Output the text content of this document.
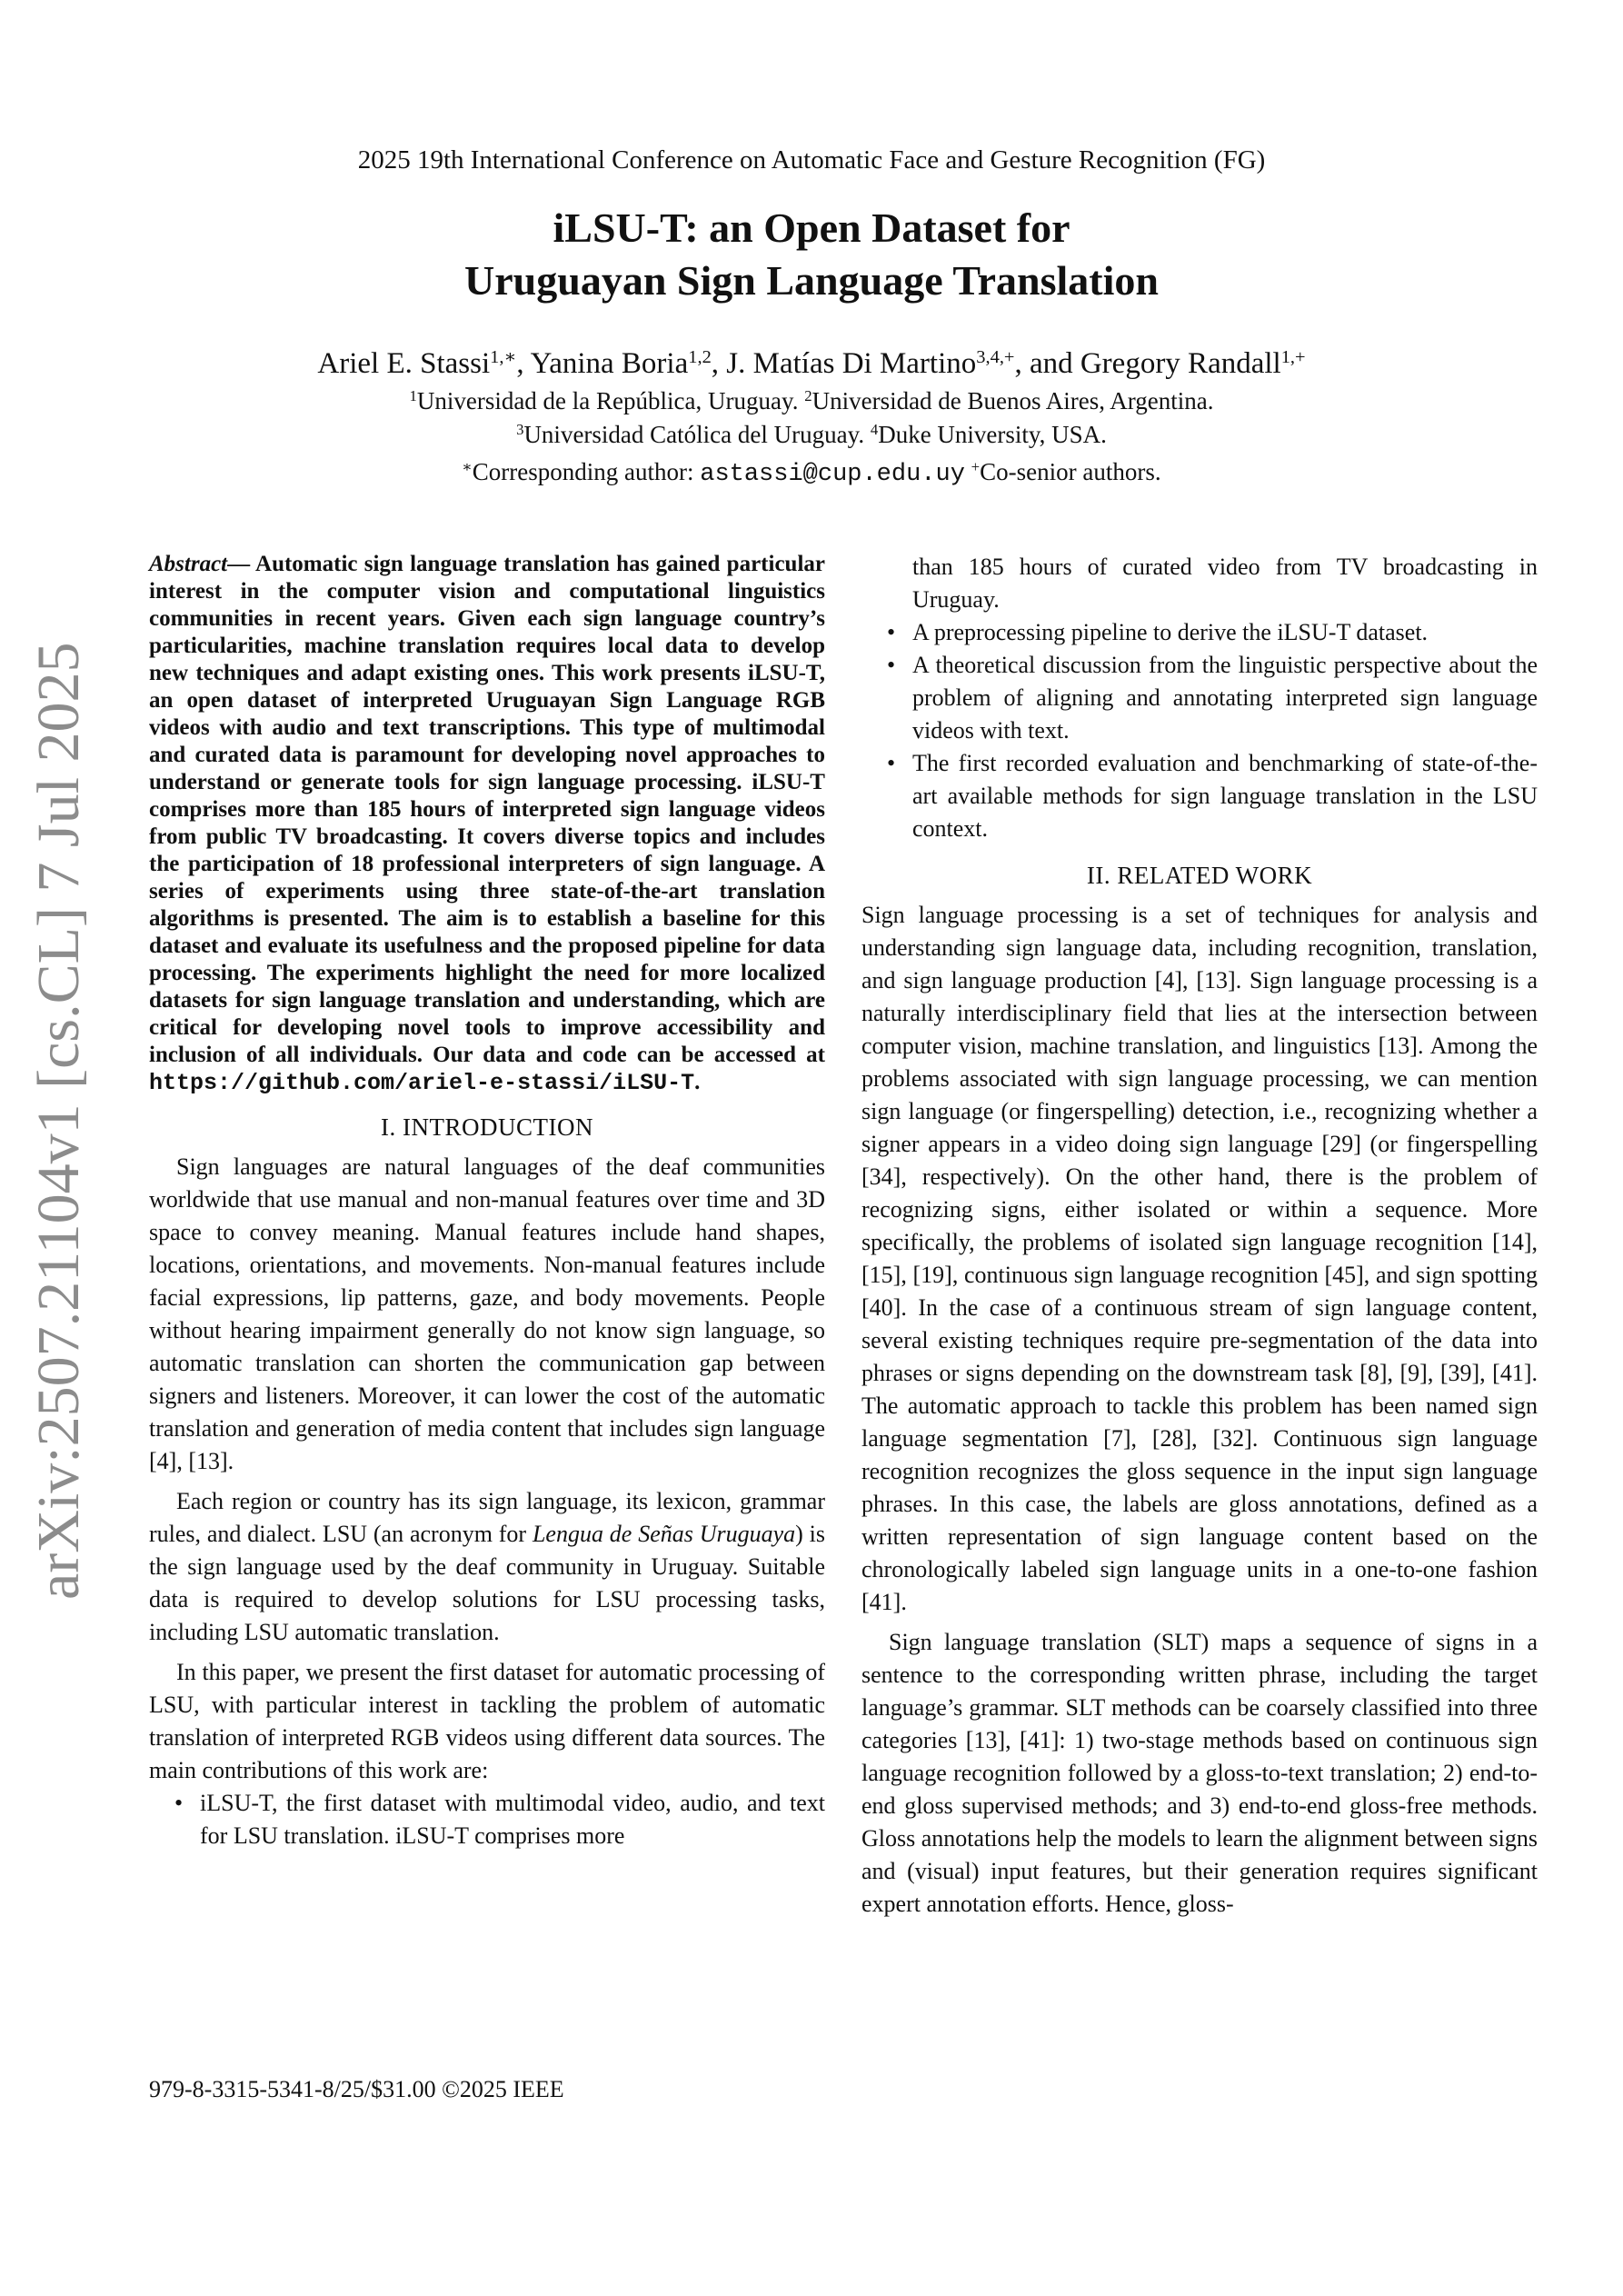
2025 19th International Conference on Automatic Face and Gesture Recognition (FG)
iLSU-T: an Open Dataset for
Uruguayan Sign Language Translation
Ariel E. Stassi$^{1,∗}$, Yanina Boria$^{1,2}$, J. Matías Di Martino$^{3,4,+}$, and Gregory Randall$^{1,+}$
$^1$Universidad de la República, Uruguay. $^2$Universidad de Buenos Aires, Argentina.
$^3$Universidad Católica del Uruguay. $^4$Duke University, USA.
∗Corresponding author: astassi@cup.edu.uy +Co-senior authors.
arXiv:2507.21104v1 [cs.CL] 7 Jul 2025

Abstract— Automatic sign language translation has gained particular interest in the computer vision and computational linguistics communities in recent years. Given each sign language country’s particularities, machine translation requires local data to develop new techniques and adapt existing ones. This work presents iLSU-T, an open dataset of interpreted Uruguayan Sign Language RGB videos with audio and text transcriptions. This type of multimodal and curated data is paramount for developing novel approaches to understand or generate tools for sign language processing. iLSU-T comprises more than 185 hours of interpreted sign language videos from public TV broadcasting. It covers diverse topics and includes the participation of 18 professional interpreters of sign language. A series of experiments using three state-of-the-art translation algorithms is presented. The aim is to establish a baseline for this dataset and evaluate its usefulness and the proposed pipeline for data processing. The experiments highlight the need for more localized datasets for sign language translation and understanding, which are critical for developing novel tools to improve accessibility and inclusion of all individuals. Our data and code can be accessed at https://github.com/ariel-e-stassi/iLSU-T.

I. INTRODUCTION

Sign languages are natural languages of the deaf communities worldwide that use manual and non-manual features over time and 3D space to convey meaning. Manual features include hand shapes, locations, orientations, and movements. Non-manual features include facial expressions, lip patterns, gaze, and body movements. People without hearing impairment generally do not know sign language, so automatic translation can shorten the communication gap between signers and listeners. Moreover, it can lower the cost of the automatic translation and generation of media content that includes sign language [4], [13].

Each region or country has its sign language, its lexicon, grammar rules, and dialect. LSU (an acronym for Lengua de Señas Uruguaya) is the sign language used by the deaf community in Uruguay. Suitable data is required to develop solutions for LSU processing tasks, including LSU automatic translation.

In this paper, we present the first dataset for automatic processing of LSU, with particular interest in tackling the problem of automatic translation of interpreted RGB videos using different data sources. The main contributions of this work are:

• iLSU-T, the first dataset with multimodal video, audio, and text for LSU translation. iLSU-T comprises more
than 185 hours of curated video from TV broadcasting in Uruguay.
• A preprocessing pipeline to derive the iLSU-T dataset.
• A theoretical discussion from the linguistic perspective about the problem of aligning and annotating interpreted sign language videos with text.
• The first recorded evaluation and benchmarking of state-of-the-art available methods for sign language translation in the LSU context.
II. RELATED WORK

Sign language processing is a set of techniques for analysis and understanding sign language data, including recognition, translation, and sign language production [4], [13]. Sign language processing is a naturally interdisciplinary field that lies at the intersection between computer vision, machine translation, and linguistics [13]. Among the problems associated with sign language processing, we can mention sign language (or fingerspelling) detection, i.e., recognizing whether a signer appears in a video doing sign language [29] (or fingerspelling [34], respectively). On the other hand, there is the problem of recognizing signs, either isolated or within a sequence. More specifically, the problems of isolated sign language recognition [14], [15], [19], continuous sign language recognition [45], and sign spotting [40]. In the case of a continuous stream of sign language content, several existing techniques require pre-segmentation of the data into phrases or signs depending on the downstream task [8], [9], [39], [41]. The automatic approach to tackle this problem has been named sign language segmentation [7], [28], [32]. Continuous sign language recognition recognizes the gloss sequence in the input sign language phrases. In this case, the labels are gloss annotations, defined as a written representation of sign language content based on the chronologically labeled sign language units in a one-to-one fashion [41].

Sign language translation (SLT) maps a sequence of signs in a sentence to the corresponding written phrase, including the target language’s grammar. SLT methods can be coarsely classified into three categories [13], [41]: 1) two-stage methods based on continuous sign language recognition followed by a gloss-to-text translation; 2) end-to-end gloss supervised methods; and 3) end-to-end gloss-free methods. Gloss annotations help the models to learn the alignment between signs and (visual) input features, but their generation requires significant expert annotation efforts. Hence, gloss-

979-8-3315-5341-8/25/$31.00 ©2025 IEEE
